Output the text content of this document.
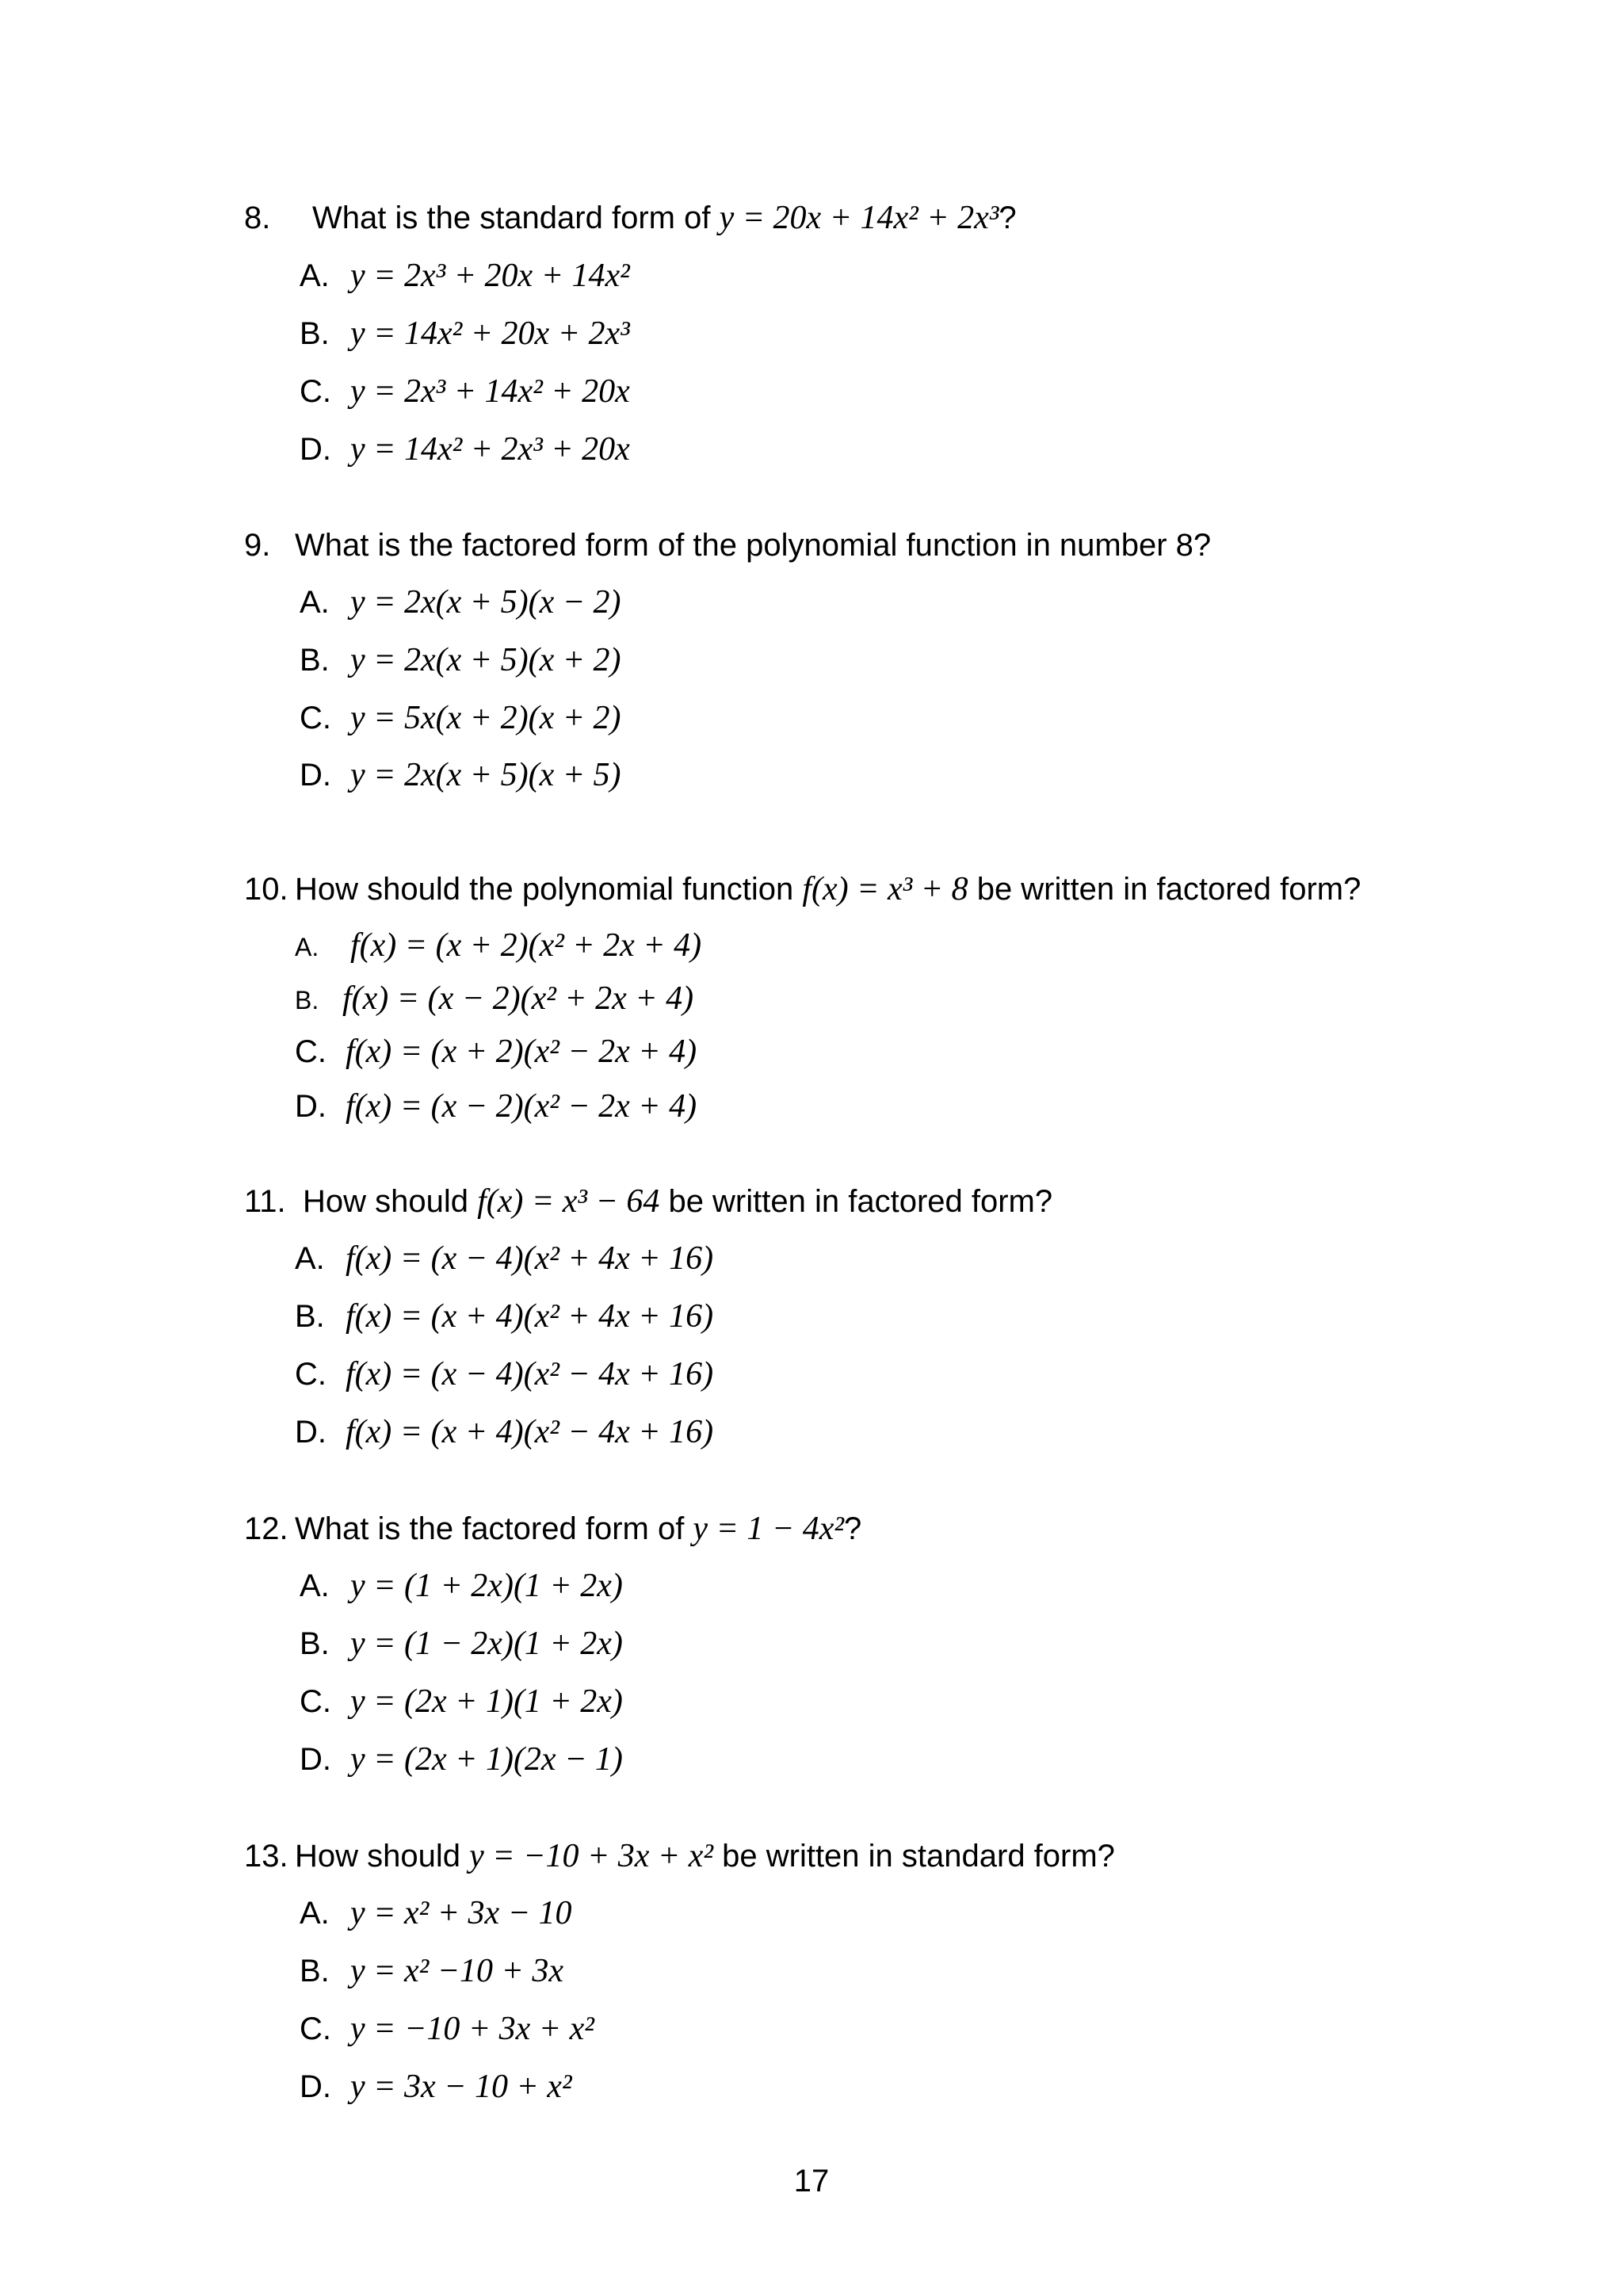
8. What is the standard form of y = 20x + 14x² + 2x³?
A. y = 2x³ + 20x + 14x²
B. y = 14x² + 20x + 2x³
C. y = 2x³ + 14x² + 20x
D. y = 14x² + 2x³ + 20x
9. What is the factored form of the polynomial function in number 8?
A. y = 2x(x + 5)(x − 2)
B. y = 2x(x + 5)(x + 2)
C. y = 5x(x + 2)(x + 2)
D. y = 2x(x + 5)(x + 5)
10. How should the polynomial function f(x) = x³ + 8 be written in factored form?
A. f(x) = (x + 2)(x² + 2x + 4)
B. f(x) = (x − 2)(x² + 2x + 4)
C. f(x) = (x + 2)(x² − 2x + 4)
D. f(x) = (x − 2)(x² − 2x + 4)
11. How should f(x) = x³ − 64 be written in factored form?
A. f(x) = (x − 4)(x² + 4x + 16)
B. f(x) = (x + 4)(x² + 4x + 16)
C. f(x) = (x − 4)(x² − 4x + 16)
D. f(x) = (x + 4)(x² − 4x + 16)
12. What is the factored form of y = 1 − 4x²?
A. y = (1 + 2x)(1 + 2x)
B. y = (1 − 2x)(1 + 2x)
C. y = (2x + 1)(1 + 2x)
D. y = (2x + 1)(2x − 1)
13. How should y = −10 + 3x + x² be written in standard form?
A. y = x² + 3x − 10
B. y = x² −10 + 3x
C. y = −10 + 3x + x²
D. y = 3x − 10 + x²
17
